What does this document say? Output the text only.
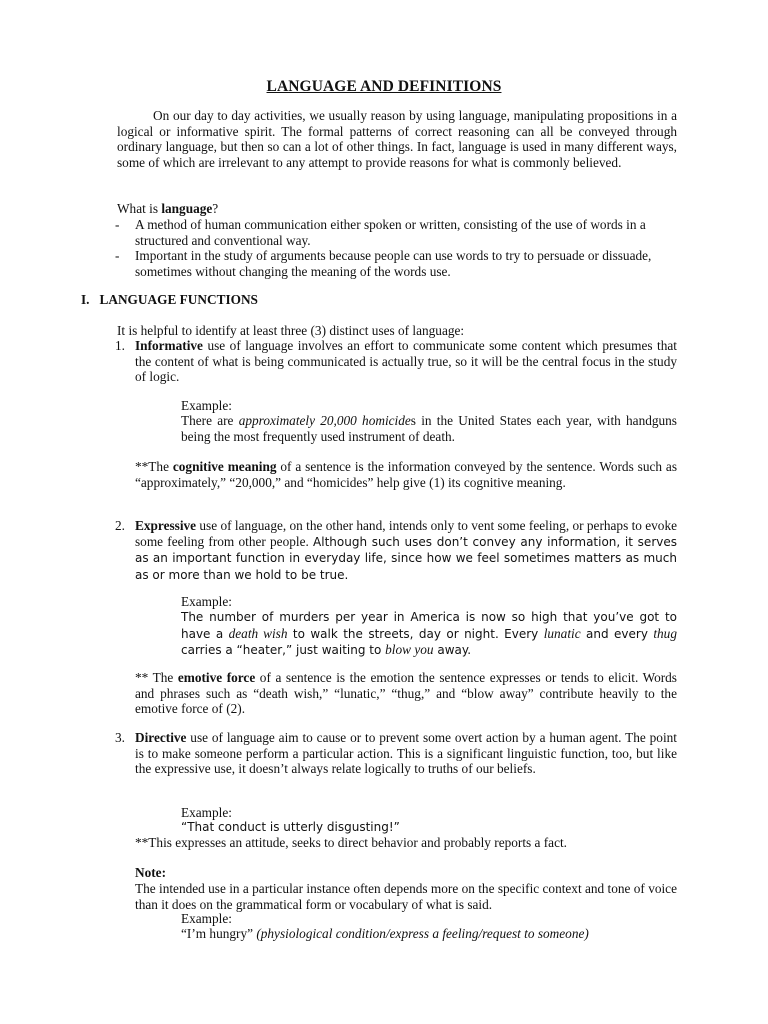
LANGUAGE AND DEFINITIONS
On our day to day activities, we usually reason by using language, manipulating propositions in a logical or informative spirit. The formal patterns of correct reasoning can all be conveyed through ordinary language, but then so can a lot of other things. In fact, language is used in many different ways, some of which are irrelevant to any attempt to provide reasons for what is commonly believed.
What is language?
- A method of human communication either spoken or written, consisting of the use of words in a structured and conventional way.
- Important in the study of arguments because people can use words to try to persuade or dissuade, sometimes without changing the meaning of the words use.
I. LANGUAGE FUNCTIONS
It is helpful to identify at least three (3) distinct uses of language:
1. Informative use of language involves an effort to communicate some content which presumes that the content of what is being communicated is actually true, so it will be the central focus in the study of logic.
Example:
There are approximately 20,000 homicides in the United States each year, with handguns being the most frequently used instrument of death.
**The cognitive meaning of a sentence is the information conveyed by the sentence. Words such as “approximately,” “20,000,” and “homicides” help give (1) its cognitive meaning.
2. Expressive use of language, on the other hand, intends only to vent some feeling, or perhaps to evoke some feeling from other people. Although such uses don’t convey any information, it serves as an important function in everyday life, since how we feel sometimes matters as much as or more than we hold to be true.
Example:
The number of murders per year in America is now so high that you’ve got to have a death wish to walk the streets, day or night. Every lunatic and every thug carries a “heater,” just waiting to blow you away.
** The emotive force of a sentence is the emotion the sentence expresses or tends to elicit. Words and phrases such as “death wish,” “lunatic,” “thug,” and “blow away” contribute heavily to the emotive force of (2).
3. Directive use of language aim to cause or to prevent some overt action by a human agent. The point is to make someone perform a particular action. This is a significant linguistic function, too, but like the expressive use, it doesn’t always relate logically to truths of our beliefs.
Example:
“That conduct is utterly disgusting!”
**This expresses an attitude, seeks to direct behavior and probably reports a fact.
Note:
The intended use in a particular instance often depends more on the specific context and tone of voice than it does on the grammatical form or vocabulary of what is said.
Example:
“I’m hungry” (physiological condition/express a feeling/request to someone)
